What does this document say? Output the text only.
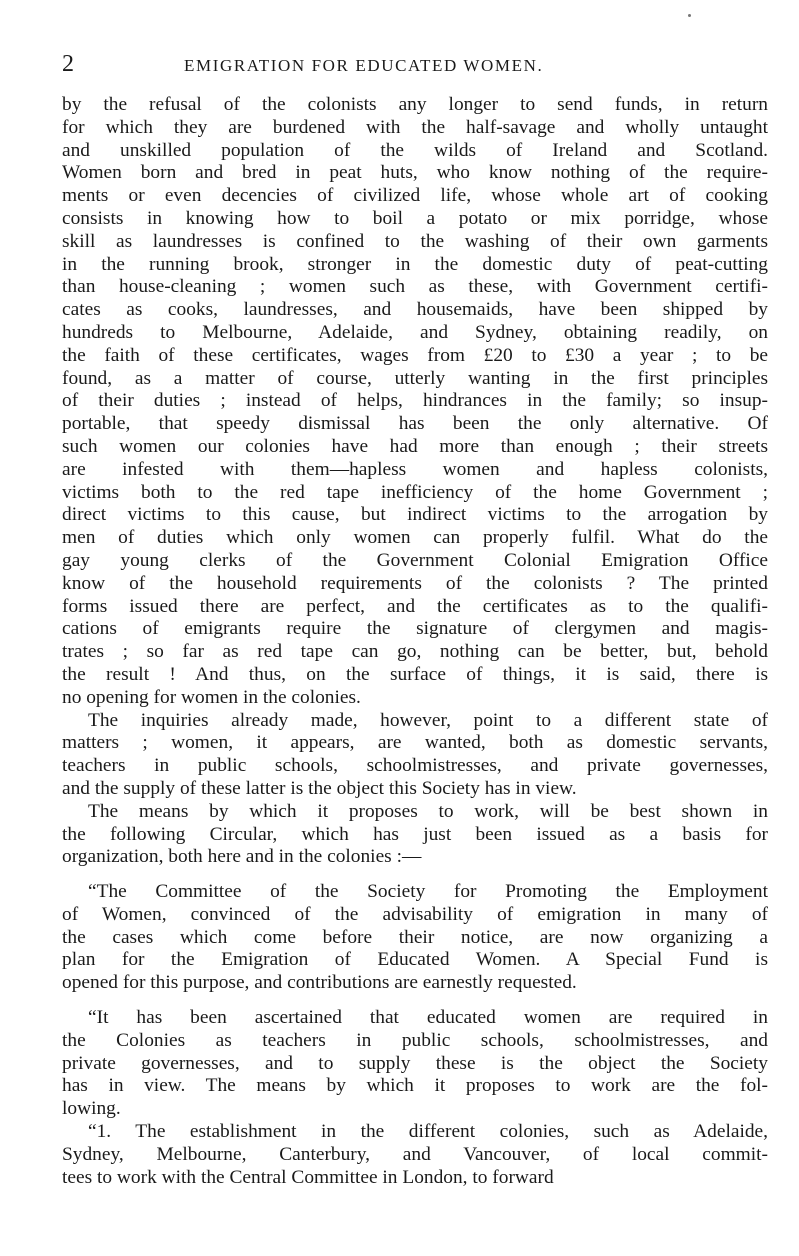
2	EMIGRATION FOR EDUCATED WOMEN.
by the refusal of the colonists any longer to send funds, in return
for which they are burdened with the half-savage and wholly untaught
and unskilled population of the wilds of Ireland and Scotland.
Women born and bred in peat huts, who know nothing of the require-
ments or even decencies of civilized life, whose whole art of cooking
consists in knowing how to boil a potato or mix porridge, whose
skill as laundresses is confined to the washing of their own garments
in the running brook, stronger in the domestic duty of peat-cutting
than house-cleaning ; women such as these, with Government certifi-
cates as cooks, laundresses, and housemaids, have been shipped by
hundreds to Melbourne, Adelaide, and Sydney, obtaining readily, on
the faith of these certificates, wages from £20 to £30 a year ; to be
found, as a matter of course, utterly wanting in the first principles
of their duties ; instead of helps, hindrances in the family; so insup-
portable, that speedy dismissal has been the only alternative. Of
such women our colonies have had more than enough ; their streets
are infested with them—hapless women and hapless colonists,
victims both to the red tape inefficiency of the home Government ;
direct victims to this cause, but indirect victims to the arrogation by
men of duties which only women can properly fulfil. What do the
gay young clerks of the Government Colonial Emigration Office
know of the household requirements of the colonists ? The printed
forms issued there are perfect, and the certificates as to the qualifi-
cations of emigrants require the signature of clergymen and magis-
trates ; so far as red tape can go, nothing can be better, but, behold
the result ! And thus, on the surface of things, it is said, there is
no opening for women in the colonies.
The inquiries already made, however, point to a different state of
matters ; women, it appears, are wanted, both as domestic servants,
teachers in public schools, schoolmistresses, and private governesses,
and the supply of these latter is the object this Society has in view.
The means by which it proposes to work, will be best shown in
the following Circular, which has just been issued as a basis for
organization, both here and in the colonies :—
“The Committee of the Society for Promoting the Employment
of Women, convinced of the advisability of emigration in many of
the cases which come before their notice, are now organizing a
plan for the Emigration of Educated Women. A Special Fund is
opened for this purpose, and contributions are earnestly requested.
“It has been ascertained that educated women are required in
the Colonies as teachers in public schools, schoolmistresses, and
private governesses, and to supply these is the object the Society
has in view. The means by which it proposes to work are the fol-
lowing.
“1. The establishment in the different colonies, such as Adelaide,
Sydney, Melbourne, Canterbury, and Vancouver, of local commit-
tees to work with the Central Committee in London, to forward
